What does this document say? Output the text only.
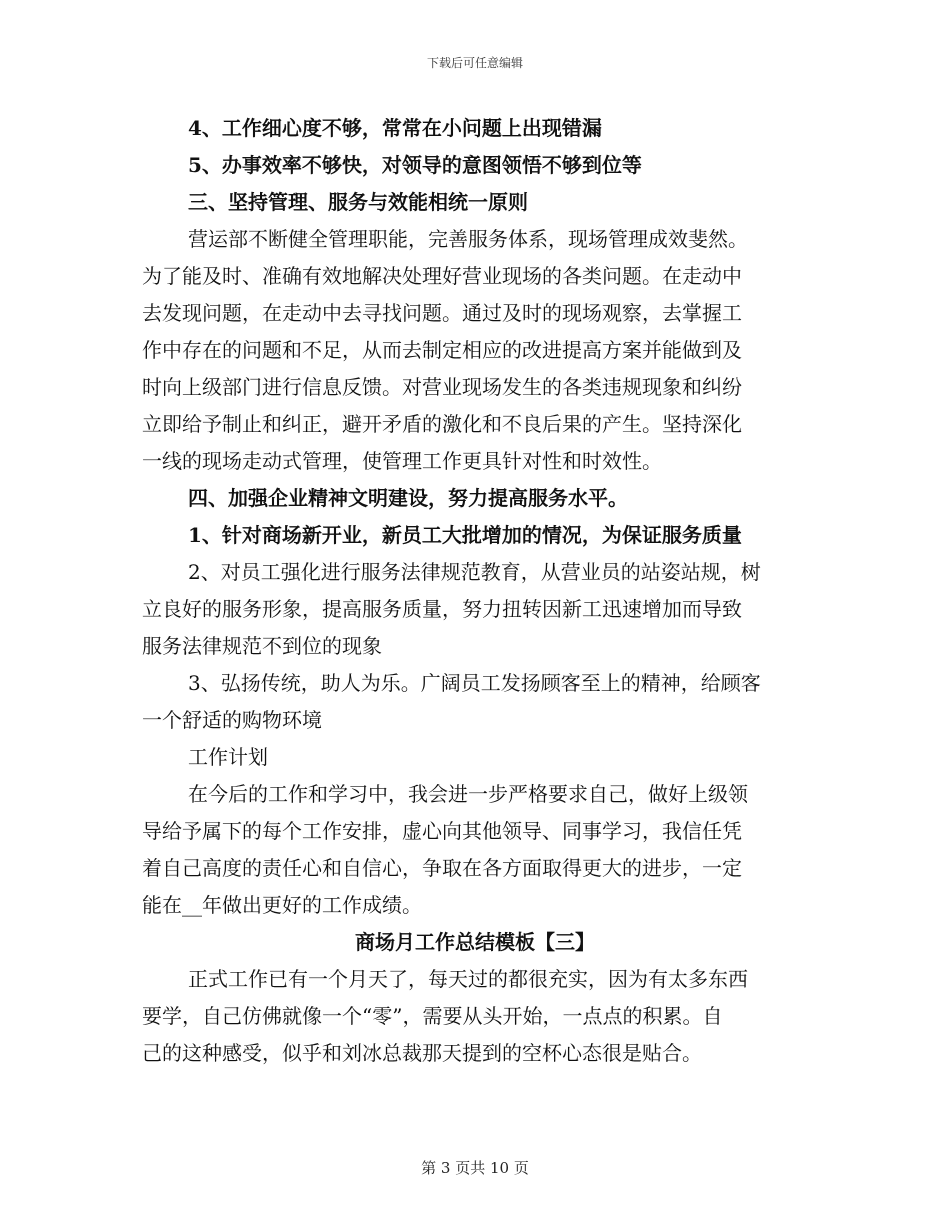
下载后可任意编辑
4、工作细心度不够，常常在小问题上出现错漏
5、办事效率不够快，对领导的意图领悟不够到位等
三、坚持管理、服务与效能相统一原则
营运部不断健全管理职能，完善服务体系，现场管理成效斐然。
为了能及时、准确有效地解决处理好营业现场的各类问题。在走动中
去发现问题，在走动中去寻找问题。通过及时的现场观察，去掌握工
作中存在的问题和不足，从而去制定相应的改进提高方案并能做到及
时向上级部门进行信息反馈。对营业现场发生的各类违规现象和纠纷
立即给予制止和纠正，避开矛盾的激化和不良后果的产生。坚持深化
一线的现场走动式管理，使管理工作更具针对性和时效性。
四、加强企业精神文明建设，努力提高服务水平。
1、针对商场新开业，新员工大批增加的情况，为保证服务质量
2、对员工强化进行服务法律规范教育，从营业员的站姿站规，树
立良好的服务形象，提高服务质量，努力扭转因新工迅速增加而导致
服务法律规范不到位的现象
3、弘扬传统，助人为乐。广阔员工发扬顾客至上的精神，给顾客
一个舒适的购物环境
工作计划
在今后的工作和学习中，我会进一步严格要求自己，做好上级领
导给予属下的每个工作安排，虚心向其他领导、同事学习，我信任凭
着自己高度的责任心和自信心，争取在各方面取得更大的进步，一定
能在__年做出更好的工作成绩。
商场月工作总结模板【三】
正式工作已有一个月天了，每天过的都很充实，因为有太多东西
要学，自己仿佛就像一个“零”，需要从头开始，一点点的积累。自
己的这种感受，似乎和刘冰总裁那天提到的空杯心态很是贴合。
第 3 页共 10 页
